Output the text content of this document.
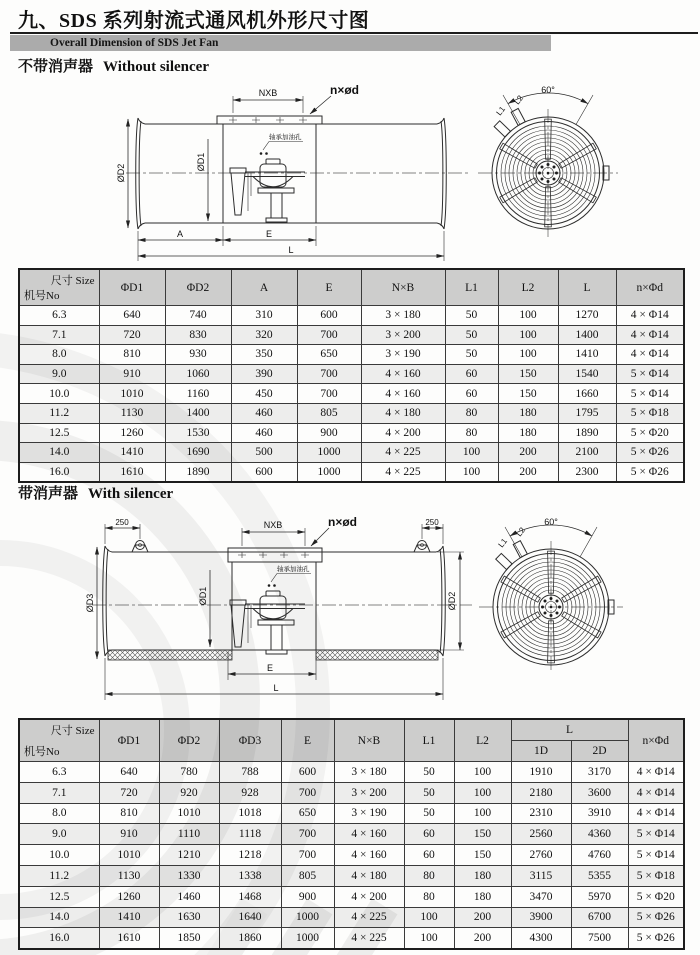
九、SDS 系列射流式通风机外形尺寸图
Overall Dimension of SDS Jet Fan
不带消声器 Without silencer
NXB	n×ød
轴承加油孔
ØD2
ØD1
A	E
L
60°
L2
L1
尺寸 Size
机号No	ΦD1	ΦD2	A	E	N×B	L1	L2	L	n×Φd
6.3	640	740	310	600	3 × 180	50	100	1270	4 × Φ14
7.1	720	830	320	700	3 × 200	50	100	1400	4 × Φ14
8.0	810	930	350	650	3 × 190	50	100	1410	4 × Φ14
9.0	910	1060	390	700	4 × 160	60	150	1540	5 × Φ14
10.0	1010	1160	450	700	4 × 160	60	150	1660	5 × Φ14
11.2	1130	1400	460	805	4 × 180	80	180	1795	5 × Φ18
12.5	1260	1530	460	900	4 × 200	80	180	1890	5 × Φ20
14.0	1410	1690	500	1000	4 × 225	100	200	2100	5 × Φ26
16.0	1610	1890	600	1000	4 × 225	100	200	2300	5 × Φ26
带消声器 With silencer
250	250
NXB	n×ød
轴承加油孔
ØD3	ØD1	ØD2
E
L
60°
L2
L1
尺寸 Size
机号No	ΦD1	ΦD2	ΦD3	E	N×B	L1	L2	L		n×Φd
								1D	2D	
6.3	640	780	788	600	3 × 180	50	100	1910	3170	4 × Φ14
7.1	720	920	928	700	3 × 200	50	100	2180	3600	4 × Φ14
8.0	810	1010	1018	650	3 × 190	50	100	2310	3910	4 × Φ14
9.0	910	1110	1118	700	4 × 160	60	150	2560	4360	5 × Φ14
10.0	1010	1210	1218	700	4 × 160	60	150	2760	4760	5 × Φ14
11.2	1130	1330	1338	805	4 × 180	80	180	3115	5355	5 × Φ18
12.5	1260	1460	1468	900	4 × 200	80	180	3470	5970	5 × Φ20
14.0	1410	1630	1640	1000	4 × 225	100	200	3900	6700	5 × Φ26
16.0	1610	1850	1860	1000	4 × 225	100	200	4300	7500	5 × Φ26
